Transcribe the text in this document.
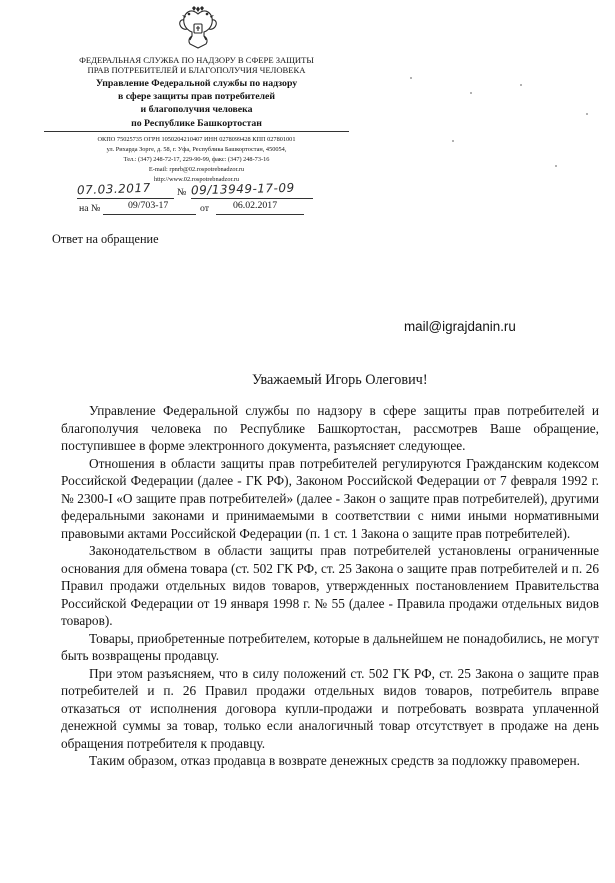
ФЕДЕРАЛЬНАЯ СЛУЖБА ПО НАДЗОРУ В СФЕРЕ ЗАЩИТЫ
ПРАВ ПОТРЕБИТЕЛЕЙ И БЛАГОПОЛУЧИЯ ЧЕЛОВЕКА
Управление Федеральной службы по надзору
в сфере защиты прав потребителей
и благополучия человека
по Республике Башкортостан
ОКПО 75025735 ОГРН 1050204210407 ИНН 0278099428 КПП 027801001
ул. Рихарда Зорге, д. 58, г. Уфа, Республика Башкортостан, 450054,
Тел.: (347) 248-72-17, 229-90-99, факс: (347) 248-73-16
E-mail: rpnrb@02.rospotrebnadzor.ru
http://www.02.rospotrebnadzor.ru
07.03.2017	№ 09/13949-17-09
на №	09/703-17	от 06.02.2017
Ответ на обращение
mail@igrajdanin.ru
Уважаемый Игорь Олегович!

Управление Федеральной службы по надзору в сфере защиты прав потребителей и благополучия человека по Республике Башкортостан, рассмотрев Ваше обращение, поступившее в форме электронного документа, разъясняет следующее.

Отношения в области защиты прав потребителей регулируются Гражданским кодексом Российской Федерации (далее - ГК РФ), Законом Российской Федерации от 7 февраля 1992 г. № 2300-I «О защите прав потребителей» (далее - Закон о защите прав потребителей), другими федеральными законами и принимаемыми в соответствии с ними иными нормативными правовыми актами Российской Федерации (п. 1 ст. 1 Закона о защите прав потребителей).

Законодательством в области защиты прав потребителей установлены ограниченные основания для обмена товара (ст. 502 ГК РФ, ст. 25 Закона о защите прав потребителей и п. 26 Правил продажи отдельных видов товаров, утвержденных постановлением Правительства Российской Федерации от 19 января 1998 г. № 55 (далее - Правила продажи отдельных видов товаров).

Товары, приобретенные потребителем, которые в дальнейшем не понадобились, не могут быть возвращены продавцу.

При этом разъясняем, что в силу положений ст. 502 ГК РФ, ст. 25 Закона о защите прав потребителей и п. 26 Правил продажи отдельных видов товаров, потребитель вправе отказаться от исполнения договора купли-продажи и потребовать возврата уплаченной денежной суммы за товар, только если аналогичный товар отсутствует в продаже на день обращения потребителя к продавцу.

Таким образом, отказ продавца в возврате денежных средств за подложку правомерен.
